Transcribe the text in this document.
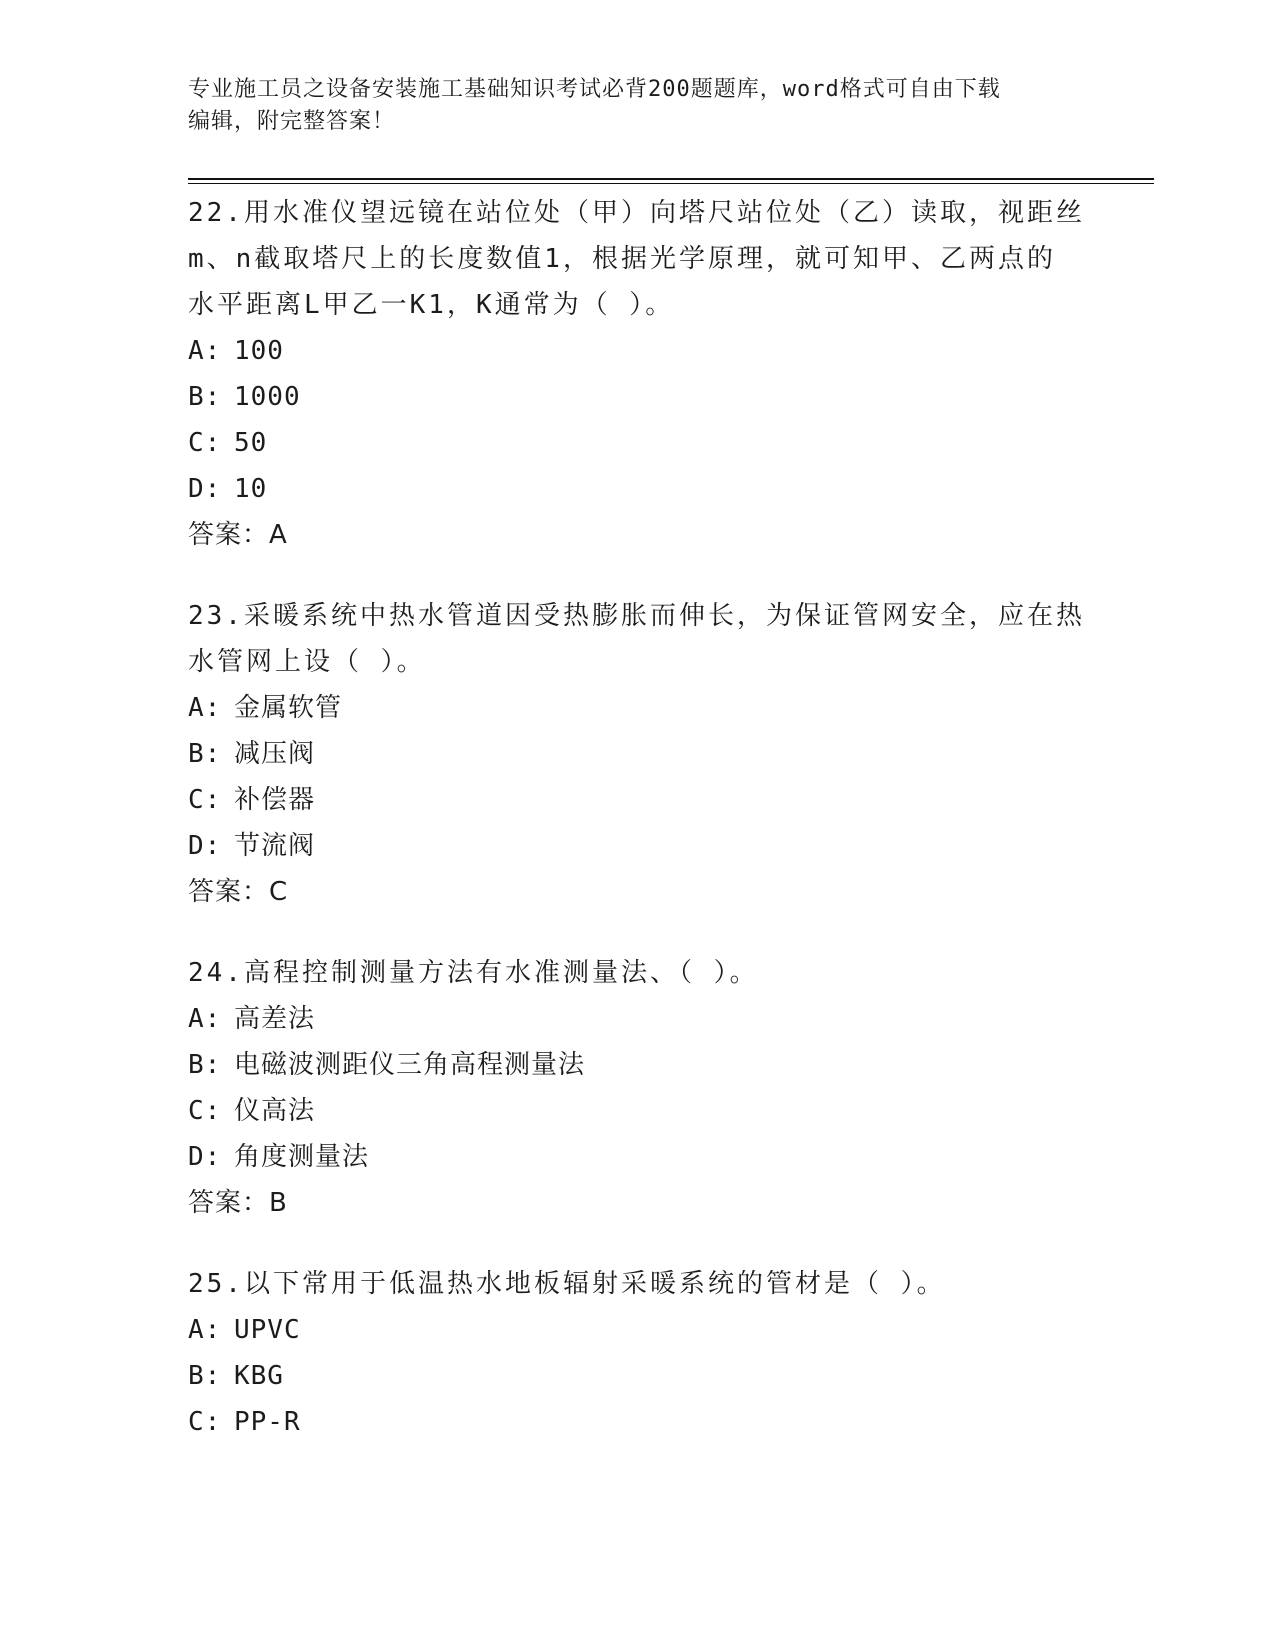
专业施工员之设备安装施工基础知识考试必背200题题库，word格式可自由下载
编辑，附完整答案！
22.用水准仪望远镜在站位处（甲）向塔尺站位处（乙）读取，视距丝
m、n截取塔尺上的长度数值1，根据光学原理，就可知甲、乙两点的
水平距离L甲乙一K1，K通常为（ ）。
A: 100
B: 1000
C: 50
D: 10
答案：A
23.采暖系统中热水管道因受热膨胀而伸长，为保证管网安全，应在热
水管网上设（ ）。
A: 金属软管
B: 减压阀
C: 补偿器
D: 节流阀
答案：C
24.高程控制测量方法有水准测量法、（ ）。
A: 高差法
B: 电磁波测距仪三角高程测量法
C: 仪高法
D: 角度测量法
答案：B
25.以下常用于低温热水地板辐射采暖系统的管材是（ ）。
A: UPVC
B: KBG
C: PP-R
